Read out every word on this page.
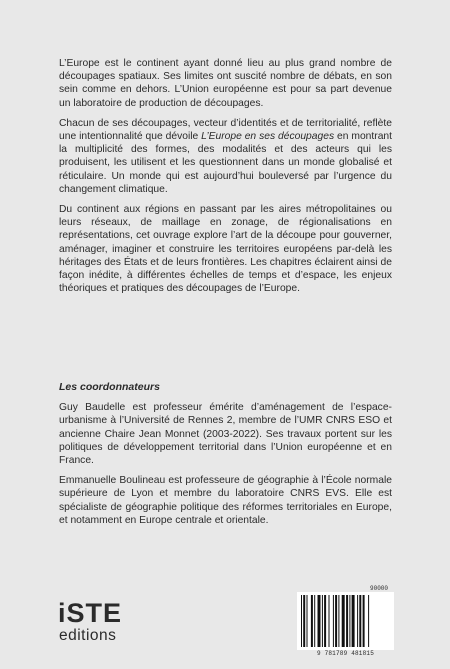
L’Europe est le continent ayant donné lieu au plus grand nombre de découpages spatiaux. Ses limites ont suscité nombre de débats, en son sein comme en dehors. L’Union européenne est pour sa part devenue un laboratoire de production de découpages.

Chacun de ses découpages, vecteur d’identités et de territorialité, reflète une intentionnalité que dévoile L’Europe en ses découpages en montrant la multiplicité des formes, des modalités et des acteurs qui les produisent, les utilisent et les questionnent dans un monde globalisé et réticulaire. Un monde qui est aujourd’hui bouleversé par l’urgence du changement climatique.

Du continent aux régions en passant par les aires métropolitaines ou leurs réseaux, de maillage en zonage, de régionalisations en représentations, cet ouvrage explore l’art de la découpe pour gouverner, aménager, imaginer et construire les territoires européens par-delà les héritages des États et de leurs frontières. Les chapitres éclairent ainsi de façon inédite, à différentes échelles de temps et d’espace, les enjeux théoriques et pratiques des découpages de l’Europe.

Les coordonnateurs

Guy Baudelle est professeur émérite d’aménagement de l’espace-urbanisme à l’Université de Rennes 2, membre de l’UMR CNRS ESO et ancienne Chaire Jean Monnet (2003-2022). Ses travaux portent sur les politiques de développement territorial dans l’Union européenne et en France.

Emmanuelle Boulineau est professeure de géographie à l’École normale supérieure de Lyon et membre du laboratoire CNRS EVS. Elle est spécialiste de géographie politique des réformes territoriales en Europe, et notamment en Europe centrale et orientale.

iSTE
editions
90000
9 781789 481815
